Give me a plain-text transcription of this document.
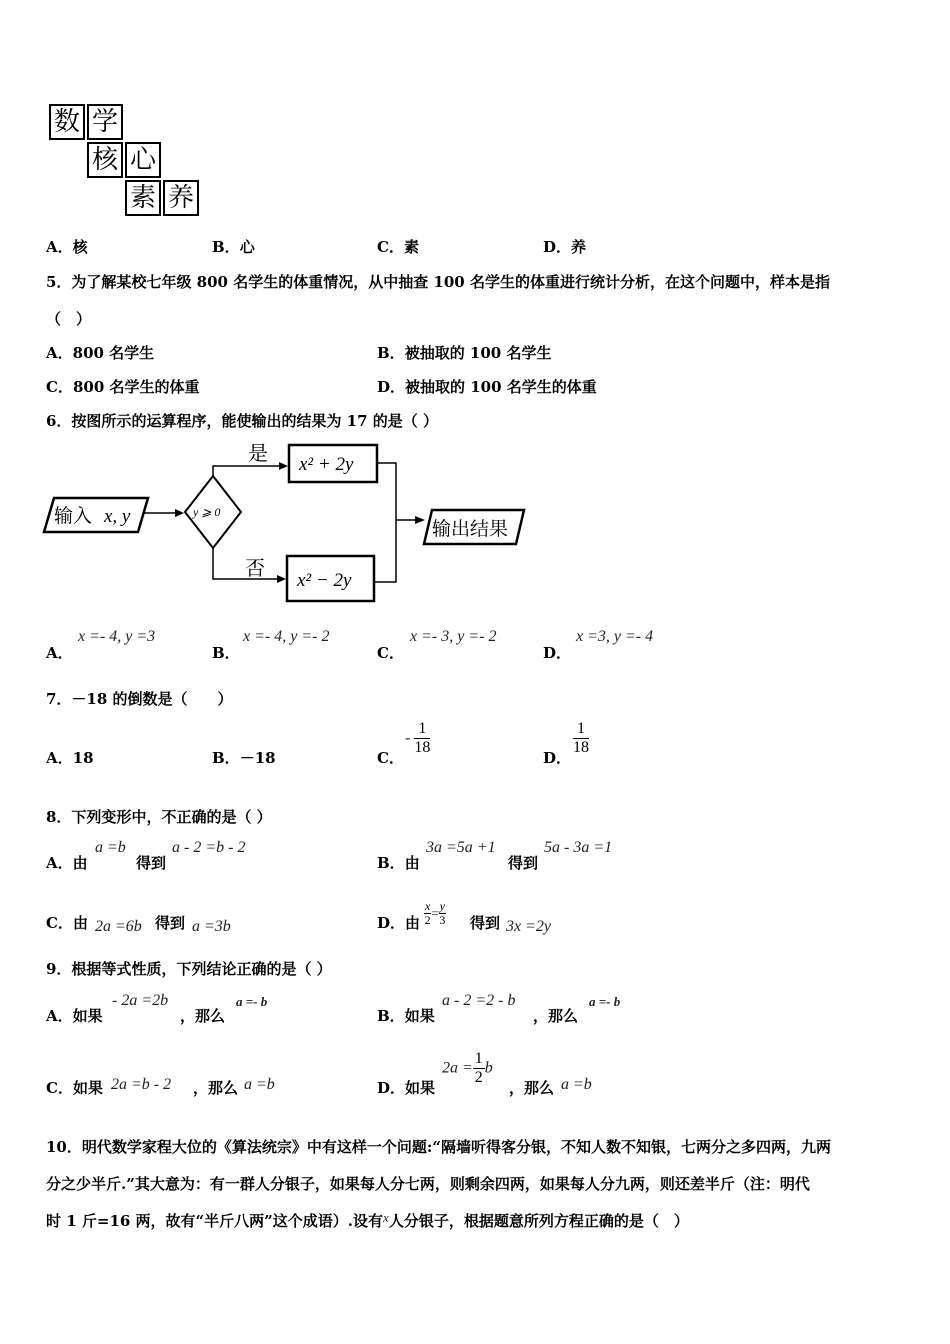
数 学
核 心
素 养
A．核	B．心	C．素	D．养
5．为了解某校七年级 800 名学生的体重情况，从中抽查 100 名学生的体重进行统计分析，在这个问题中，样本是指
（　）
A．800 名学生	B．被抽取的 100 名学生
C．800 名学生的体重	D．被抽取的 100 名学生的体重
6．按图所示的运算程序，能使输出的结果为 17 的是（ ）
输入 x, y	y ⩾ 0
是 x² + 2y
否
x² − 2y
输出结果
A．
x =- 4, y =3
B．
x =- 4, y =- 2
C．
x =- 3, y =- 2
D．
x =3, y =- 4
7．－18 的倒数是（　　）
A．18	B．－18	C．
- $\frac{1}{18}$
D．
$\frac{1}{18}$
8．下列变形中，不正确的是（ ）
A．由
a =b
得到
a - 2 =b - 2
B．由
3a =5a +1
得到
5a - 3a =1
C．由 2a =6b 得到 a =3b	D．由 $\frac{x}{2} = \frac{y}{3}$ 得到 3x =2y
9．根据等式性质，下列结论正确的是（ ）
A．如果
- 2a =2b
，那么
a =- b
B．如果
a - 2 =2 - b
，那么
a =- b
C．如果 2a =b - 2 ，那么 a =b	D．如果
$2a = \frac{1}{2}$ b
，那么 a =b
10．明代数学家程大位的《算法统宗》中有这样一个问题:“隔墙听得客分银，不知人数不知银，七两分之多四两，九两
分之少半斤.”其大意为：有一群人分银子，如果每人分七两，则剩余四两，如果每人分九两，则还差半斤（注：明代
时 1 斤=16 两，故有“半斤八两”这个成语）.设有x人分银子，根据题意所列方程正确的是（　）
